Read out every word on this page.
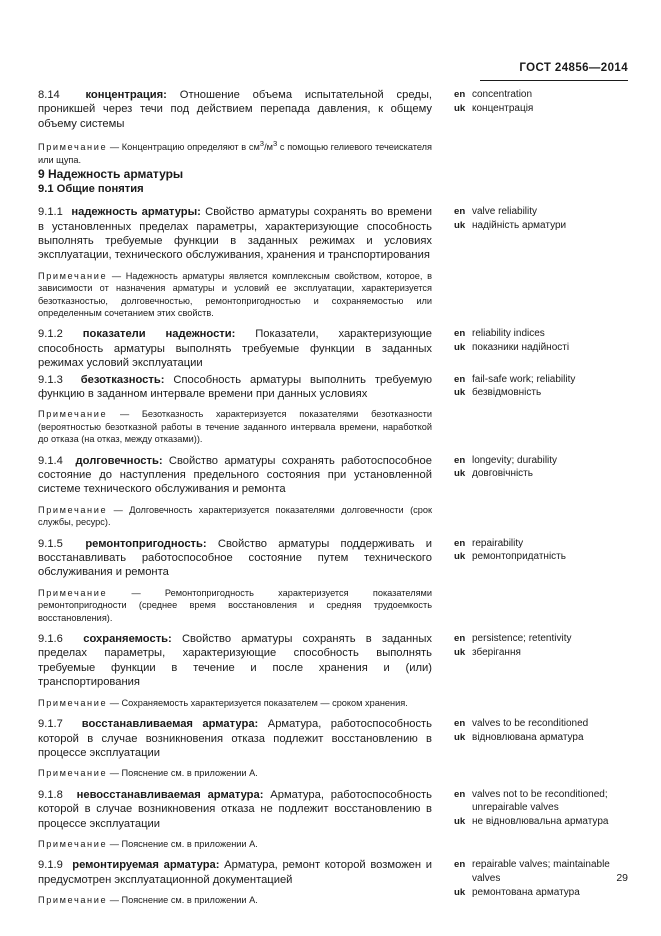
ГОСТ 24856—2014

8.14 концентрация: Отношение объема испытательной среды, проникшей через течи под действием перепада давления, к общему объему системы

Примечание — Концентрацию определяют в $см^3/м^3$ с помощью гелиевого течеискателя или щупа.

en concentration
uk концентрація
9 Надежность арматуры
9.1 Общие понятия

9.1.1 надежность арматуры: Свойство арматуры сохранять во времени в установленных пределах параметры, характеризующие способность выполнять требуемые функции в заданных режимах и условиях эксплуатации, технического обслуживания, хранения и транспортирования

Примечание — Надежность арматуры является комплексным свойством, которое, в зависимости от назначения арматуры и условий ее эксплуатации, характеризуется безотказностью, долговечностью, ремонтопригодностью и сохраняемостью или определенным сочетанием этих свойств.

en valve reliability
uk надійність арматури

9.1.2 показатели надежности: Показатели, характеризующие способность арматуры выполнять требуемые функции в заданных режимах условий эксплуатации

en reliability indices
uk показники надійності

9.1.3 безотказность: Способность арматуры выполнить требуемую функцию в заданном интервале времени при данных условиях

Примечание — Безотказность характеризуется показателями безотказности (вероятностью безотказной работы в течение заданного интервала времени, наработкой до отказа (на отказ, между отказами)).

en fail-safe work; reliability
uk безвідмовність

9.1.4 долговечность: Свойство арматуры сохранять работоспособное состояние до наступления предельного состояния при установленной системе технического обслуживания и ремонта

Примечание — Долговечность характеризуется показателями долговечности (срок службы, ресурс).

en longevity; durability
uk довговічність

9.1.5 ремонтопригодность: Свойство арматуры поддерживать и восстанавливать работоспособное состояние путем технического обслуживания и ремонта

Примечание — Ремонтопригодность характеризуется показателями ремонтопригодности (среднее время восстановления и средняя трудоемкость восстановления).

en repairability
uk ремонтопридатність

9.1.6 сохраняемость: Свойство арматуры сохранять в заданных пределах параметры, характеризующие способность выполнять требуемые функции в течение и после хранения и (или) транспортирования

Примечание — Сохраняемость характеризуется показателем — сроком хранения.

en persistence; retentivity
uk зберігання

9.1.7 восстанавливаемая арматура: Арматура, работоспособность которой в случае возникновения отказа подлежит восстановлению в процессе эксплуатации

Примечание — Пояснение см. в приложении А.

en valves to be reconditioned
uk відновлювана арматура

9.1.8 невосстанавливаемая арматура: Арматура, работоспособность которой в случае возникновения отказа не подлежит восстановлению в процессе эксплуатации

Примечание — Пояснение см. в приложении А.

en valves not to be reconditioned; unrepairable valves
uk не відновлювальна арматура

9.1.9 ремонтируемая арматура: Арматура, ремонт которой возможен и предусмотрен эксплуатационной документацией

Примечание — Пояснение см. в приложении А.

en repairable valves; maintainable valves
uk ремонтована арматура
29
